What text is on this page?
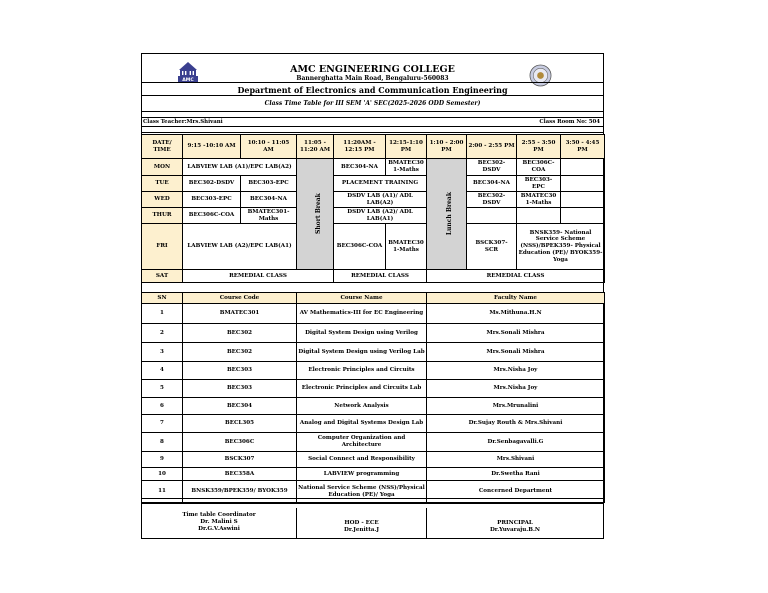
AMC
AMC ENGINEERING COLLEGE
Bannerghatta Main Road, Bengaluru-560083
Department of Electronics and Communication Engineering
Class Time Table for III SEM 'A' SEC(2025-2026 ODD Semester)
Class Teacher:Mrs.Shivani	Class Room No: 504
DATE/ TIME	9:15 -10:10 AM	10:10 - 11:05 AM	11:05 - 11:20 AM	11:20AM - 12:15 PM	12:15-1:10 PM	1:10 - 2:00 PM	2:00 - 2:55 PM	2:55 - 3:50 PM	3:50 - 4:45 PM
MON	LABVIEW LAB (A1)/EPC LAB(A2)		Short Break	BEC304-NA	BMATEC30 1-Maths	Lunch Break	BEC302- DSDV	BEC306C- COA	
TUE	BEC302-DSDV	BEC303-EPC		PLACEMENT TRAINING			BEC304-NA	BEC303- EPC	
WED	BEC303-EPC	BEC304-NA		DSDV LAB (A1)/ ADL LAB(A2)			BEC302- DSDV	BMATEC30 1-Maths	
THUR	BEC306C-COA	BMATEC301- Maths		DSDV LAB (A2)/ ADL LAB(A1)					
FRI	LABVIEW LAB (A2)/EPC LAB(A1)			BEC306C-COA	BMATEC30 1-Maths		BSCK307- SCR	BNSK359- National Service Scheme (NSS)/BPEK359- Physical Education (PE)/ BYOK359- Yoga	
SAT	REMEDIAL CLASS			REMEDIAL CLASS		REMEDIAL CLASS			
SN	Course Code	Course Name	Faculty Name
1	BMATEC301	AV Mathematics-III for EC Engineering	Ms.Mithuna.H.N
2	BEC302	Digital System Design using Verilog	Mrs.Sonali Mishra
3	BEC302	Digital System Design using Verilog Lab	Mrs.Sonali Mishra
4	BEC303	Electronic Principles and Circuits	Mrs.Nisha Joy
5	BEC303	Electronic Principles and Circuits Lab	Mrs.Nisha Joy
6	BEC304	Network Analysis	Mrs.Mrunalini
7	BECL305	Analog and Digital Systems Design Lab	Dr.Sujay Routh & Mrs.Shivani
8	BEC306C	Computer Organization and Architecture	Dr.Senbagavalli.G
9	BSCK307	Social Connect and Responsibility	Mrs.Shivani
10	BEC358A	LABVIEW programming	Dr.Swetha Rani
11	BNSK359/BPEK359/ BYOK359	National Service Scheme (NSS)/Physical Education (PE)/ Yoga	Concerned Department
Time table Coordinator
Dr. Malini S
Dr.G.V.Aswini
HOD - ECE
Dr.Jenitta.J
PRINCIPAL
Dr.Yuvaraju.B.N
